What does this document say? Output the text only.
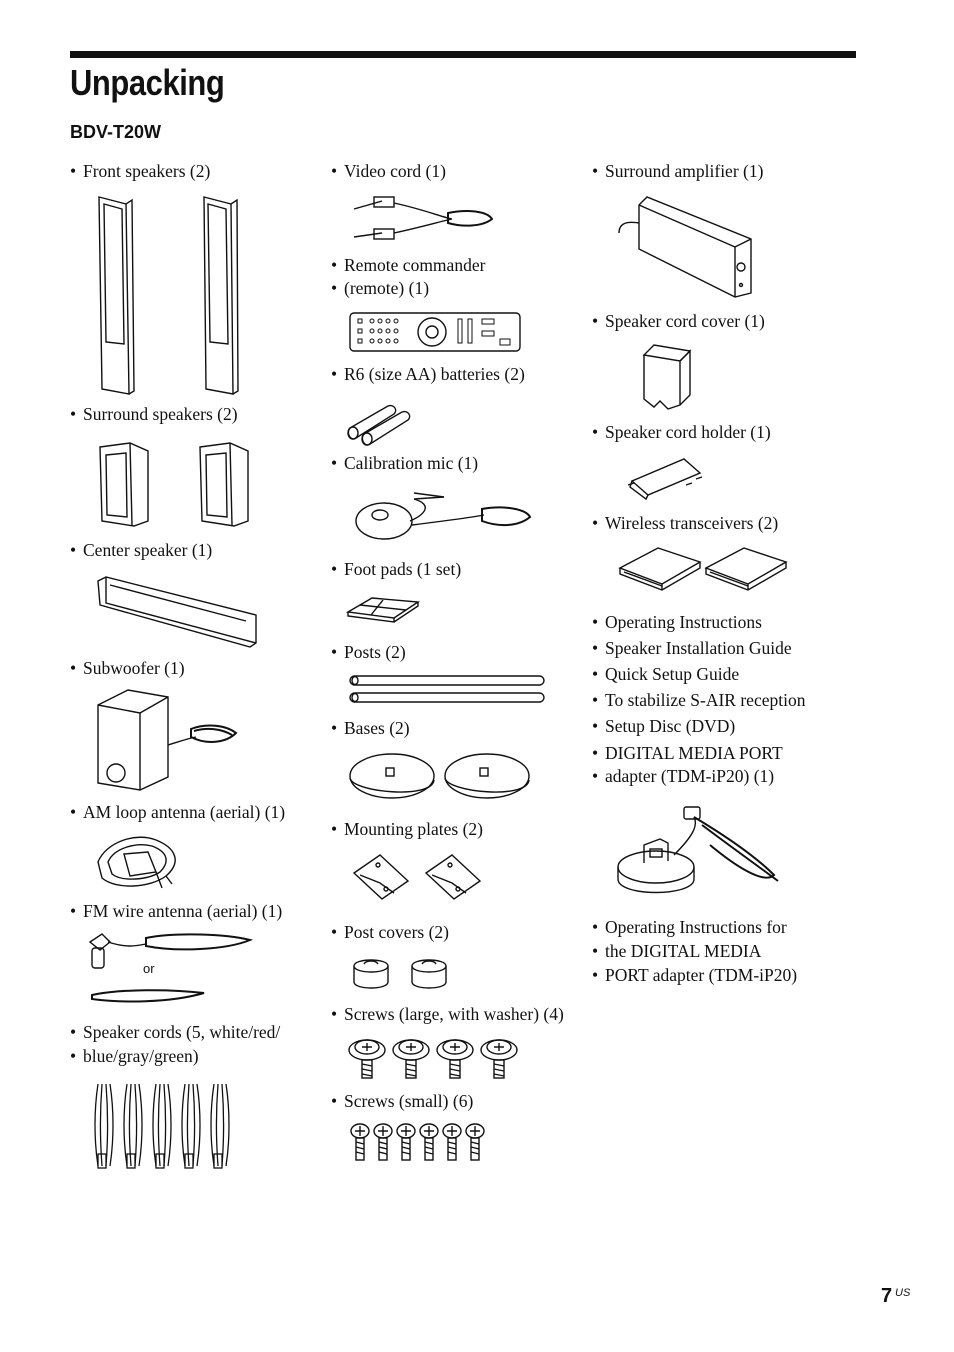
Unpacking
BDV-T20W
• Front speakers (2)
• Surround speakers (2)
• Center speaker (1)
• Subwoofer (1)
• AM loop antenna (aerial) (1)
• FM wire antenna (aerial) (1)
or
• Speaker cords (5, white/red/
• blue/gray/green)
• Video cord (1)
• Remote commander
• (remote) (1)
• R6 (size AA) batteries (2)
• Calibration mic (1)
• Foot pads (1 set)
• Posts (2)
• Bases (2)
• Mounting plates (2)
• Post covers (2)
• Screws (large, with washer) (4)
• Screws (small) (6)
• Surround amplifier (1)
• Speaker cord cover (1)
• Speaker cord holder (1)
• Wireless transceivers (2)
• Operating Instructions
• Speaker Installation Guide
• Quick Setup Guide
• To stabilize S-AIR reception
• Setup Disc (DVD)
• DIGITAL MEDIA PORT
• adapter (TDM-iP20) (1)
• Operating Instructions for
• the DIGITAL MEDIA
• PORT adapter (TDM-iP20)
7 US
